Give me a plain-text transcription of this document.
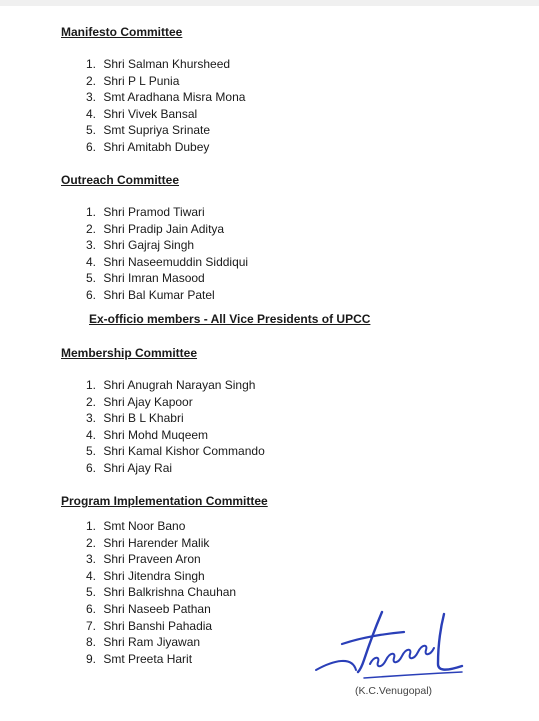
Manifesto Committee
1. Shri Salman Khursheed
2. Shri P L Punia
3. Smt Aradhana Misra Mona
4. Shri Vivek Bansal
5. Smt Supriya Srinate
6. Shri Amitabh Dubey
Outreach Committee
1. Shri Pramod Tiwari
2. Shri Pradip Jain Aditya
3. Shri Gajraj Singh
4. Shri Naseemuddin Siddiqui
5. Shri Imran Masood
6. Shri Bal Kumar Patel
Ex-officio members - All Vice Presidents of UPCC
Membership Committee
1. Shri Anugrah Narayan Singh
2. Shri Ajay Kapoor
3. Shri B L Khabri
4. Shri Mohd Muqeem
5. Shri Kamal Kishor Commando
6. Shri Ajay Rai
Program Implementation Committee
1. Smt Noor Bano
2. Shri Harender Malik
3. Shri Praveen Aron
4. Shri Jitendra Singh
5. Shri Balkrishna Chauhan
6. Shri Naseeb Pathan
7. Shri Banshi Pahadia
8. Shri Ram Jiyawan
9. Smt Preeta Harit
(K.C.Venugopal)
